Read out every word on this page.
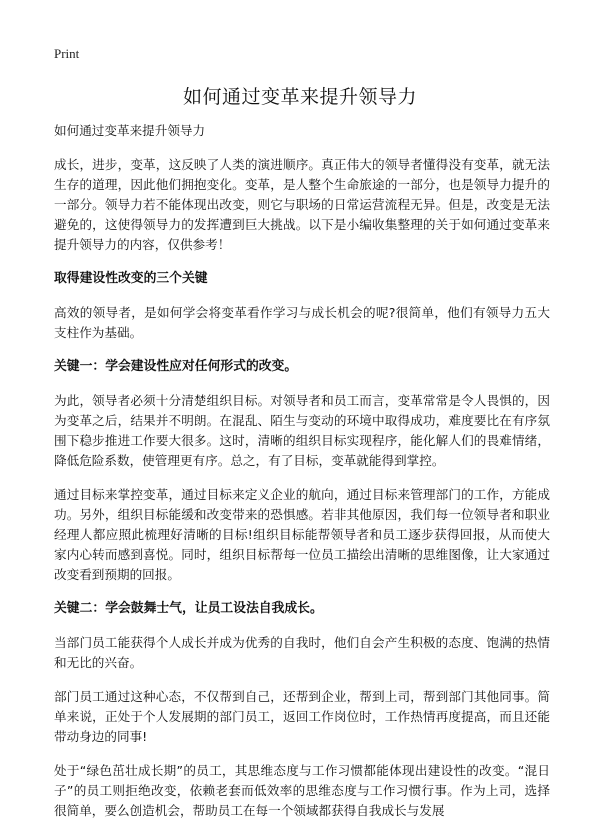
Print
如何通过变革来提升领导力

如何通过变革来提升领导力

成长，进步，变革，这反映了人类的演进顺序。真正伟大的领导者懂得没有变革，就无法生存的道理，因此他们拥抱变化。变革，是人整个生命旅途的一部分，也是领导力提升的一部分。领导力若不能体现出改变，则它与职场的日常运营流程无异。但是，改变是无法避免的，这使得领导力的发挥遭到巨大挑战。以下是小编收集整理的关于如何通过变革来提升领导力的内容，仅供参考！

取得建设性改变的三个关键

高效的领导者，是如何学会将变革看作学习与成长机会的呢?很简单，他们有领导力五大支柱作为基础。

关键一：学会建设性应对任何形式的改变。

为此，领导者必须十分清楚组织目标。对领导者和员工而言，变革常常是令人畏惧的，因为变革之后，结果并不明朗。在混乱、陌生与变动的环境中取得成功，难度要比在有序氛围下稳步推进工作要大很多。这时，清晰的组织目标实现程序，能化解人们的畏难情绪，降低危险系数，使管理更有序。总之，有了目标，变革就能得到掌控。

通过目标来掌控变革，通过目标来定义企业的航向，通过目标来管理部门的工作，方能成功。另外，组织目标能缓和改变带来的恐惧感。若非其他原因，我们每一位领导者和职业经理人都应照此梳理好清晰的目标!组织目标能帮领导者和员工逐步获得回报，从而使大家内心转而感到喜悦。同时，组织目标帮每一位员工描绘出清晰的思维图像，让大家通过改变看到预期的回报。

关键二：学会鼓舞士气，让员工设法自我成长。

当部门员工能获得个人成长并成为优秀的自我时，他们自会产生积极的态度、饱满的热情和无比的兴奋。

部门员工通过这种心态，不仅帮到自己，还帮到企业，帮到上司，帮到部门其他同事。简单来说，正处于个人发展期的部门员工，返回工作岗位时，工作热情再度提高，而且还能带动身边的同事!

处于“绿色茁壮成长期”的员工，其思维态度与工作习惯都能体现出建设性的改变。“混日子”的员工则拒绝改变，依赖老套而低效率的思维态度与工作习惯行事。作为上司，选择很简单，要么创造机会，帮助员工在每一个领域都获得自我成长与发展
